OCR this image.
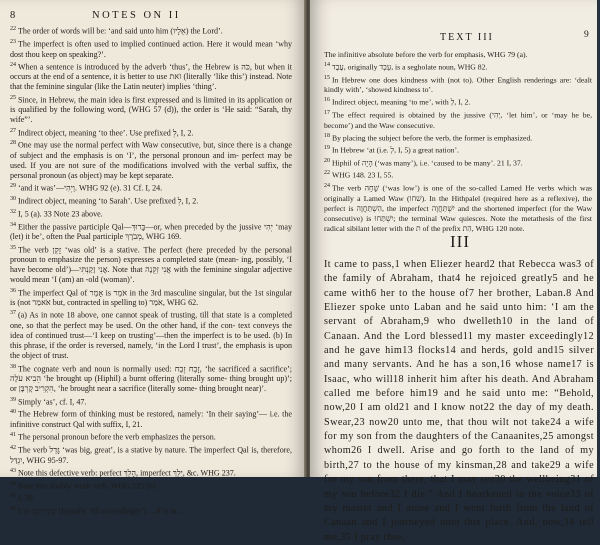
8	NOTES ON II

$^{22}$ The order of words will be: ‘and said unto him (אֵלָיו) the Lord’.

$^{23}$ The imperfect is often used to implied continued action. Here it would mean ‘why dost thou keep on speaking?’.

$^{24}$ When a sentence is introduced by the adverb ‘thus’, the Hebrew is כֹּה, but when it occurs at the end of a sentence, it is better to use זֹאת (literally ‘like this’) instead. Note that the feminine singular (like the Latin neuter) implies ‘thing’.

$^{25}$ Since, in Hebrew, the main idea is first expressed and is limited in its application or is qualified by the following word, (WHG 57 (d)), the order is ‘He said: “Sarah, thy wife”’.

$^{27}$ Indirect object, meaning ‘to thee’. Use prefixed לְ, I, 2.

$^{28}$ One may use the normal perfect with Waw consecutive, but, since there is a change of subject and the emphasis is on ‘I’, the personal pronoun and im- perfect may be used. If you are not sure of the modifications involved with the verbal suffix, the personal pronoun (as object) may be kept separate.

$^{29}$ ‘and it was’—וַיְהִי. WHG 92 (e). 31 Cf. I, 24.

$^{30}$ Indirect object, meaning ‘to Sarah’. Use prefixed לְ, I, 2.

$^{32}$ I, 5 (a). 33 Note 23 above.

$^{34}$ Either the passive participle Qal—בָּרוּךְ—or, when preceded by the jussive יְהִי ‘may (let) it be’, often the Pual participle מְבֹרָךְ, WHG 169.

$^{35}$ The verb זָקֵן ‘was old’ is a stative. The perfect (here preceded by the personal pronoun to emphasize the person) expresses a completed state (mean- ing, possibly, ‘I have become old’)—אֲנִי זָקַנְתִּי. Note that אֲנִי זְקֵנָה with the feminine singular adjective would mean ‘I (am) an -old (woman)’.

$^{36}$ The imperfect Qal of אָמַר is אֹמַר in the 3rd masculine singular, but the 1st singular is (not אֹאמַר but, contracted in spelling to) אֹמַר, WHG 62.

$^{37}$ (a) As in note 18 above, one cannot speak of trusting, till that state is a completed one, so that the perfect may be used. On the other hand, if the con- text conveys the idea of continued trust—‘I keep on trusting’—then the imperfect is to be used. (b) In this phrase, if the order is reversed, namely, ‘in the Lord I trust’, the emphasis is upon the object of trust.

$^{38}$ The cognate verb and noun is normally used: זָבַח זֶבַח, ‘he sacrificed a sacrifice’; הֵבִיא עֹלָה ‘he brought up (Hiphil) a burnt offering (literally some- thing brought up)’; or הִקְרִיב קָרְבָּן, ‘he brought near a sacrifice (literally some- thing brought near)’.

$^{39}$ Simply ‘as’, cf. I, 47.

$^{40}$ The Hebrew form of thinking must be restored, namely: ‘In their saying’— i.e. the infinitive construct Qal with suffix, I, 21.

$^{41}$ The personal pronoun before the verb emphasizes the person.

$^{42}$ The verb גָּדַל ‘was big, great’, is a stative by nature. The imperfect Qal is, therefore, יִגְדַּל, WHG 95-97.

$^{43}$ Note this defective verb: perfect הָלַךְ, imperfect יֵלֵךְ, &c. WHG 237.

$^{44}$ Note this doubly weak verb, WHG 225 (b).

$^{45}$ I, 39.

$^{46}$ Use שְׁמַרְתֶּם (literally ‘till exceedingly’). ...it is in ...

TEXT III	9

The infinitive absolute before the verb for emphasis, WHG 79 (a).

$^{14}$ עֶבֶד, originally עַבְד, is a segholate noun, WHG 82.

$^{15}$ In Hebrew one does kindness with (not to). Other English renderings are: ‘dealt kindly with’, ‘showed kindness to’.

$^{16}$ Indirect object, meaning ‘to me’, with לְ, I, 2.

$^{17}$ The effect required is obtained by the jussive (יְהִי, ‘let him’, or ‘may he be, become’) and the Waw consecutive.

$^{18}$ By placing the subject before the verb, the former is emphasized.

$^{19}$ In Hebrew ‘at (i.e. לְ, I, 5) a great nation’.

$^{20}$ Hiphil of הָיָה (‘was many’), i.e. ‘caused to be many’. 21 I, 37.

$^{22}$ WHG 148. 23 I, 55.

$^{24}$ The verb שָׁחָה (‘was low’) is one of the so-called Lamed He verbs which was originally a Lamed Waw (שׁחו). In the Hithpalel (required here as a reflexive), the perfect is הִשְׁתַּחֲוָה, the imperfect יִשְׁתַּחֲוֶה and the shortened imperfect (for the Waw consecutive) is יִשְׁתַּחוּ; the terminal Waw quiesces. Note the metathesis of the first radical sibilant letter with the ת of the prefix הִת, WHG 120 note.

III

It came to pass,1 when Eliezer heard2 that Rebecca was3 of the family of Abraham, that4 he rejoiced greatly5 and he came with6 her to the house of7 her brother, Laban.8 And Eliezer spoke unto Laban and he said unto him: ‘I am the servant of Abraham,9 who dwelleth10 in the land of Canaan. And the Lord blessed11 my master exceedingly12 and he gave him13 flocks14 and herds, gold and15 silver and many servants. And he has a son,16 whose name17 is Isaac, who will18 inherit him after his death. And Abraham called me before him19 and he said unto me: “Behold, now,20 I am old21 and I know not22 the day of my death. Swear,23 now20 unto me, that thou wilt not take24 a wife for my son from the daughters of the Canaanites,25 amongst whom26 I dwell. Arise and go forth to the land of my birth,27 to the house of my kinsman,28 and take29 a wife for my son from there, that I may see30 the wellbeing31 of my son before32 I die.” And I hearkened to the voice33 of my master and I arose and I went forth from the land of Canaan and I journeyed unto this place. And, now,34 tell me,35 I pray thee,
